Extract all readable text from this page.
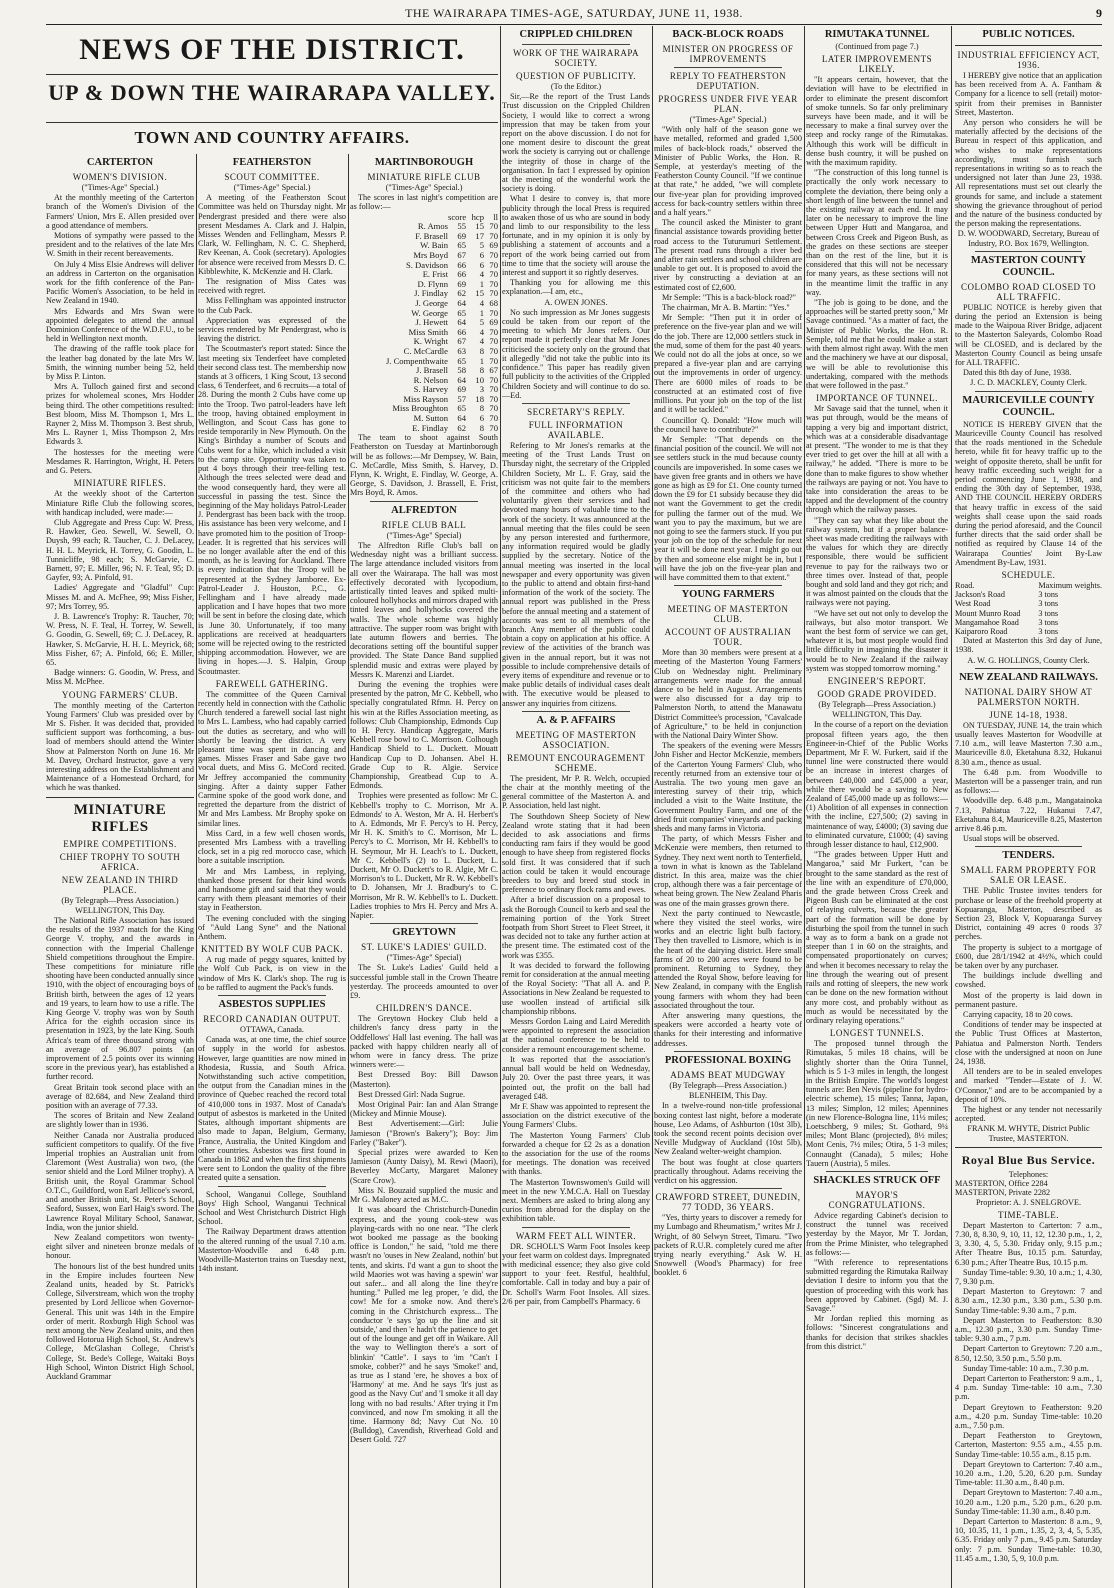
THE WAIRARAPA TIMES-AGE, SATURDAY, JUNE 11, 1938.	9
NEWS OF THE DISTRICT.
UP & DOWN THE WAIRARAPA VALLEY.
TOWN AND COUNTRY AFFAIRS.
CARTERTON
WOMEN'S DIVISION.

("Times-Age" Special.)

At the monthly meeting of the Carterton branch of the Women's Division of the Farmers' Union, Mrs E. Allen presided over a good attendance of members.

Motions of sympathy were passed to the president and to the relatives of the late Mrs W. Smith in their recent bereavements.

On July 4 Miss Elsie Andrews will deliver an address in Carterton on the organisation work for the fifth conference of the Pan-Pacific Women's Association, to be held in New Zealand in 1940.

Mrs Edwards and Mrs Swan were appointed delegates to attend the annual Dominion Conference of the W.D.F.U., to be held in Wellington next month.

The drawing of the raffle took place for the leather bag donated by the late Mrs W. Smith, the winning number being 52, held by Miss P. Linton.

Mrs A. Tulloch gained first and second prizes for wholemeal scones, Mrs Hodder being third. The other competitions resulted: Best bloom, Miss M. Thompson 1, Mrs L. Rayner 2, Miss M. Thompson 3. Best shrub, Mrs L. Rayner 1, Miss Thompson 2, Mrs Edwards 3.

The hostesses for the meeting were Mesdames R. Harrington, Wright, H. Peters and G. Peters.

MINIATURE RIFLES.

At the weekly shoot of the Carterton Miniature Rifle Club the following scores, with handicap included, were made:—

Club Aggregate and Press Cup: W. Press, R. Hawker, Geo. Sewell, W. Sewell, O. Duysh, 99 each; R. Taucher, C. J. DeLacey, H. H. L. Meyrick, H. Torrey, G. Goodin, L. Tunnicliffe, 98 each; S. McGarvie, C. Barnett, 97; E. Miller, 96; N. F. Teal, 95; D. Gayfer, 93; A. Pinfold, 91.

Ladies' Aggregate and "Gladful" Cup: Misses M. and A. McFhee, 99; Miss Fisher, 97; Mrs Torrey, 95.

J. B. Lawrence's Trophy: R. Taucher, 70; W. Press, N. F. Teal, H. Torrey, W. Sewell, G. Goodin, G. Sewell, 69; C. J. DeLacey, R. Hawker, S. McGarvie, H. H. L. Meyrick, 68; Miss Fisher, 67; A. Pinfold, 66; E. Miller, 65.

Badge winners: G. Goodin, W. Press, and Miss M. McPhee.

YOUNG FARMERS' CLUB.

The monthly meeting of the Carterton Young Farmers' Club was presided over by Mr S. Fisher. It was decided that, provided sufficient support was forthcoming, a bus-load of members should attend the Winter Show at Palmerston North on June 16. Mr M. Davey, Orchard Instructor, gave a very interesting address on the Establishment and Maintenance of a Homestead Orchard, for which he was thanked.

MINIATURE RIFLES
EMPIRE COMPETITIONS.
CHIEF TROPHY TO SOUTH AFRICA.
NEW ZEALAND IN THIRD PLACE.

(By Telegraph—Press Association.)

WELLINGTON, This Day.

The National Rifle Association has issued the results of the 1937 match for the King George V. trophy, and the awards in connection with the Imperial Challenge Shield competitions throughout the Empire. These competitions for miniature rifle shooting have been conducted annually since 1910, with the object of encouraging boys of British birth, between the ages of 12 years and 19 years, to learn how to use a rifle. The King George V. trophy was won by South Africa for the eighth occasion since its presentation in 1923, by the late King. South Africa's team of three thousand strong with an average of 96.807 points (an improvement of 2.5 points over its winning score in the previous year), has established a further record.

Great Britain took second place with an average of 82.684, and New Zealand third position with an average of 77.33.

The scores of Britain and New Zealand are slightly lower than in 1936.

Neither Canada nor Australia produced sufficient competitors to qualify. Of the five Imperial trophies an Australian unit from Claremont (West Australia) won two, (the senior shield and the Lord Milner trophy). A British unit, the Royal Grammar School O.T.C., Guildford, won Earl Jellicoe's sword, and another British unit, St. Peter's School, Seaford, Sussex, won Earl Haig's sword. The Lawrence Royal Military School, Sanawar, India, won the junior shield.

New Zealand competitors won twenty-eight silver and nineteen bronze medals of honour.

The honours list of the best hundred units in the Empire includes fourteen New Zealand units, headed by St. Patrick's College, Silverstream, which won the trophy presented by Lord Jellicoe when Governor-General. This unit was 14th in the Empire order of merit. Roxburgh High School was next among the New Zealand units, and then followed Hotorua High School, St. Andrew's College, McGlashan College, Christ's College, St. Bede's College, Waitaki Boys High School, Winton District High School, Auckland Grammar

FEATHERSTON
SCOUT COMMITTEE.

("Times-Age" Special.)

A meeting of the Featherston Scout Committee was held on Thursday night. Mr Pendergrast presided and there were also present Mesdames A. Clark and J. Halpin, Misses Wenden and Fellingham, Messrs P. Clark, W. Fellingham, N. C. C. Shepherd, Rev Keenan, A. Cook (secretary). Apologies for absence were received from Messrs D. C. Kibblewhite, K. McKenzie and H. Clark.

The resignation of Miss Cates was received with regret.

Miss Fellingham was appointed instructor to the Cub Pack.

Appreciation was expressed of the services rendered by Mr Pendergrast, who is leaving the district.

The Scoutmaster's report stated: Since the last meeting six Tenderfeet have completed their second class test. The membership now stands at 3 officers, 1 King Scout, 13 second class, 6 Tenderfeet, and 6 recruits—a total of 28. During the month 2 Cubs have come up into the Troop. Two patrol-leaders have left the troop, having obtained employment in Wellington, and Scout Cass has gone to reside temporarily in New Plymouth. On the King's Birthday a number of Scouts and Cubs went for a hike, which included a visit to the camp site. Opportunity was taken to put 4 boys through their tree-felling test. Although the trees selected were dead and the wood consequently hard, they were all successful in passing the test. Since the beginning of the May holidays Patrol-Leader J. Pendergrast has been back with the troop. His assistance has been very welcome, and I have promoted him to the position of Troop-Leader. It is regretted that his services will be no longer available after the end of this month, as he is leaving for Auckland. There is every indication that the Troop will be represented at the Sydney Jamboree. Ex-Patrol-Leader J. Houston, P.C., G. Fellingham and I have already made application and I have hopes that two more will be sent in before the closing date, which is June 30. Unfortunately, if too many applications are received at headquarters some will be rejected owing to the restricted shipping accommodation. However, we are living in hopes.—J. S. Halpin, Group Scoutmaster.

FAREWELL GATHERING.

The committee of the Queen Carnival recently held in connection with the Catholic Church tendered a farewell social last night to Mrs L. Lambess, who had capably carried out the duties as secretary, and who will shortly be leaving the district. A very pleasant time was spent in dancing and games. Misses Fraser and Sabe gave two vocal duets, and Miss G. McCord recited. Mr Jeffrey accompanied the community singing. After a dainty supper Father Carmine spoke of the good work done, and regretted the departure from the district of Mr and Mrs Lambess. Mr Brophy spoke on similar lines.

Miss Card, in a few well chosen words, presented Mrs Lambess with a travelling clock, set in a pig red morocco case, which bore a suitable inscription.

Mr and Mrs Lambess, in replying, thanked those present for their kind words and handsome gift and said that they would carry with them pleasant memories of their stay in Featherston.

The evening concluded with the singing of "Auld Lang Syne" and the National Anthem.

KNITTED BY WOLF CUB PACK.

A rug made of peggy squares, knitted by the Wolf Cub Pack, is on view in the window of Mrs K. Clark's shop. The rug is to be raffled to augment the Pack's funds.

ASBESTOS SUPPLIES
RECORD CANADIAN OUTPUT.

OTTAWA, Canada.

Canada was, at one time, the chief source of supply in the world for asbestos. However, large quantities are now mined in Rhodesia, Russia, and South Africa. Notwithstanding such active competition, the output from the Canadian mines in the province of Quebec reached the record total of 410,000 tons in 1937. Most of Canada's output of asbestos is marketed in the United States, although important shipments are also made to Japan, Belgium, Germany, France, Australia, the United Kingdom and other countries. Asbestos was first found in Canada in 1862 and when the first shipments were sent to London the quality of the fibre created quite a sensation.

School, Wanganui College, Southland Boys' High School, Wanganui Technical School and West Christchurch District High School.

The Railway Department draws attention to the altered running of the usual 7.10 a.m. Masterton-Woodville and 6.48 p.m. Woodville-Masterton trains on Tuesday next, 14th instant.

MARTINBOROUGH
MINIATURE RIFLE CLUB

("Times-Age" Special.)

The scores in last night's competition are as follow:—

score hcp	ll
R. Amos	55	15 70
F. Brasell	69	17 70
W. Bain	65	5 69
Mrs Boyd	67	6 70
S. Davidson	66	6 70
E. Frist	66	4 70
D. Flynn	69	1 70
J. Findlay	62	15 70
J. George	64	4 68
W. George	65	1 70
J. Hewett	64	5 69
Miss Smith	66	4 70
K. Wright	67	4 70
C. McCardle	63	8 70
J. Compenthwaite	65	1 70
J. Brasell	58	8 67
R. Nelson	64	10 70
S. Harvey	69	3 70
Miss Rayson	57	18 70
Miss Broughton	65	8 70
M. Sutton	64	6 70
E. Findlay	62	8 70

The team to shoot against South Featherston on Tuesday at Martinborough will be as follows:—Mr Dempsey, W. Bain, C. McCardle, Miss Smith, S. Harvey, D. Flynn, K. Wright, E. Findlay, W. George, A. George, S. Davidson, J. Brassell, E. Frist, Mrs Boyd, R. Amos.

ALFREDTON
RIFLE CLUB BALL

("Times-Age" Special)

The Alfredton Rifle Club's ball on Wednesday night was a brilliant success. The large attendance included visitors from all over the Wairarapa. The hall was most effectively decorated with lycopodium, artistically tinted leaves and spiked multi-coloured hollyhocks and mirrors draped with tinted leaves and hollyhocks covered the walls. The whole scheme was highly attractive. The supper room was bright with late autumn flowers and berries. The decorations setting off the bountiful supper provided. The State Dance Band supplied splendid music and extras were played by Messrs K. Marenzi and Liardet.

During the evening the trophies were presented by the patron, Mr C. Kebbell, who specially congratulated Rfmn. H. Percy on his win at the Rifles Association meeting, as follows: Club Championship, Edmonds Cup to H. Percy. Handicap Aggregate, Maris Kebbell rose bowl to C. Morrison. Colhough Handicap Shield to L. Duckett. Mouatt Handicap Cup to D. Johansen. Abel H. Grade Cup to R. Algie. Service Championship, Greatbead Cup to A. Edmonds.

Trophies were presented as follow: Mr C. Kebbell's trophy to C. Morrison, Mr A. Edmonds' to A. Weston, Mr A. H. Herbert's to A. Edmonds, Mr F. Percy's to H. Percy, Mr H. K. Smith's to C. Morrison, Mr L. Percy's to C. Morrison, Mr H. Kebbell's to H. Seymour, Mr H. Leach's to L. Duckett, Mr C. Kebbell's (2) to L. Duckett, L. Duckett, Mr O. Duckett's to R. Algie, Mr C. Morrison's to L. Duckett, Mr R. W. Kebbell's to D. Johansen, Mr J. Bradbury's to C. Morrison, Mr R. W. Kebbell's to L. Duckett. Ladies trophies to Mrs H. Percy and Mrs A. Napier.

GREYTOWN
ST. LUKE'S LADIES' GUILD.

("Times-Age" Special)

The St. Luke's Ladies' Guild held a successful jumble stall in the Crown Theatre yesterday. The proceeds amounted to over £9.

CHILDREN'S DANCE.

The Greytown Hockey Club held a children's fancy dress party in the Oddfellows' Hall last evening. The hall was packed with happy children nearly all of whom were in fancy dress. The prize winners were:—

Best Dressed Boy: Bill Dawson (Masterton).

Best Dressed Girl: Nada Sugrue.

Most Original Pair: Ian and Alan Strange (Mickey and Minnie Mouse).

Best Advertisement:—Girl: Julie Jamieson ("Brown's Bakery"); Boy: Jim Farley ("Baker").

Special prizes were awarded to Ken Jamieson (Aunty Daisy), M. Rewi (Maori), Beverley McCarty, Margaret Maloney (Scare Crow).

Miss N. Bouzaid supplied the music and Mr G. Maloney acted as M.C.

It was aboard the Christchurch-Dunedin express, and the young cook-stew was playing-cards with no one near. "The clerk wot booked me passage as the booking office is London," he said, "told me there wasn't no 'ouses in New Zealand, nothin' but tents, and skirts. I'd want a gun to shoot the wild Maories wot was having a spewin' war out safer... and all along the line they're hunting." Pulled me leg proper, 'e did, the cow! Me for a smoke now. And there's coming in the Christchurch express... The conductor 'e says 'go up the line and sit outside,' and then 'e hadn't the patience to get out of the lounge and get off in Waikare. All the way to Wellington there's a sort of blinkin' "Cattle". I says to 'im "Can't I smoke, cobber?" and he says 'Smoke!' and, as true as I stand 'ere, he shoves a box of 'Harmony' at me. And he says 'It's just as good as the Navy Cut' and 'I smoke it all day long with no bad results.' After trying it I'm convinced, and now I'm smoking it all the time. Harmony 8d; Navy Cut No. 10 (Bulldog), Cavendish, Riverhead Gold and Desert Gold. 727

CRIPPLED CHILDREN
WORK OF THE WAIRARAPA SOCIETY.
QUESTION OF PUBLICITY.

(To the Editor.)

Sir,—Re the report of the Trust Lands Trust discussion on the Crippled Children Society, I would like to correct a wrong impression that may be taken from your report on the above discussion. I do not for one moment desire to discount the great work the society is carrying out or challenge the integrity of those in charge of the organisation. In fact I expressed by opinion at the meeting of the wonderful work the society is doing.

What I desire to convey is, that more publicity through the local Press is required to awaken those of us who are sound in body and limb to our responsibility to the less fortunate, and in my opinion it is only by publishing a statement of accounts and a report of the work being carried out from time to time that the society will arouse the interest and support it so rightly deserves.

Thanking you for allowing me this explanation.—I am, etc.,

A. OWEN JONES.

No such impression as Mr Jones suggests could be taken from our report of the meeting to which Mr Jones refers. Our report made it perfectly clear that Mr Jones criticised the society only on the ground that it allegedly "did not take the public into its confidence." This paper has readily given full publicity to the activities of the Crippled Children Society and will continue to do so.—Ed.

SECRETARY'S REPLY.
FULL INFORMATION AVAILABLE.

Refering to Mr Jones's remarks at the meeting of the Trust Lands Trust on Thursday night, the secretary of the Crippled Children Society, Mr L. F. Gray, said the criticism was not quite fair to the members of the committee and others who had voluntarily given their services and had devoted many hours of valuable time to the work of the society. It was announced at the annual meeting that the files could be seen by any person interested and furthermore, any information required would be gladly supplied by the secretary. Notice of the annual meeting was inserted in the local newspaper and every opportunity was given to the public to attend and obtain first-hand information of the work of the society. The annual report was published in the Press before the annual meeting and a statement of accounts was sent to all members of the branch. Any member of the public could obtain a copy on application at his office. A review of the activities of the branch was given in the annual report, but it was not possible to include comprehensive details of every items of expenditure and revenue or to make public details of individual cases dealt with. The executive would be pleased to answer any inquiries from citizens.

A. & P. AFFAIRS
MEETING OF MASTERTON ASSOCIATION.
REMOUNT ENCOURAGEMENT SCHEME.

The president, Mr P. R. Welch, occupied the chair at the monthly meeting of the general committee of the Masterton A. and P. Association, held last night.

The Southdown Sheep Society of New Zealand wrote stating that it had been decided to ask associations and firms conducting ram fairs if they would be good enough to have sheep from registered flocks sold first. It was considered that if such action could be taken it would encourage breeders to buy and breed stud stock in preference to ordinary flock rams and ewes.

After a brief discussion on a proposal to ask the Borough Council to kerb and seal the remaining portion of the York Street footpath from Short Street to Fleet Street, it was decided not to take any further action at the present time. The estimated cost of the work was £355.

It was decided to forward the following remit for consideration at the annual meeting of the Royal Society: "That all A. and P. Associations in New Zealand be requested to use woollen instead of artificial silk championship ribbons.

Messrs Gordon Laing and Laird Meredith were appointed to represent the association at the national conference to be held to consider a remount encouragement scheme.

It was reported that the association's annual ball would be held on Wednesday, July 20. Over the past three years, it was pointed out, the profit on the ball had averaged £48.

Mr F. Shaw was appointed to represent the association on the district executive of the Young Farmers' Clubs.

The Masterton Young Farmers' Club forwarded a cheque for £2 2s as a donation to the association for the use of the rooms for meetings. The donation was received with thanks.

The Masterton Townswomen's Guild will meet in the new Y.M.C.A. Hall on Tuesday next. Members are asked to bring along any curios from abroad for the display on the exhibition table.

WARM FEET ALL WINTER.

DR. SCHOLL'S Warm Foot Insoles keep your feet warm on coldest days. Impregnated with medicinal essence; they also give cold support to your feet. Restful, healthful, comfortable. Call in today and buy a pair of Dr. Scholl's Warm Foot Insoles. All sizes. 2/6 per pair, from Campbell's Pharmacy. 6

BACK-BLOCK ROADS
MINISTER ON PROGRESS OF IMPROVEMENTS
REPLY TO FEATHERSTON DEPUTATION.
PROGRESS UNDER FIVE YEAR PLAN.

("Times-Age" Special.)

"With only half of the season gone we have metalled, reformed and graded 1,500 miles of back-block roads," observed the Minister of Public Works, the Hon. R. Semple, at yesterday's meeting of the Featherston County Council. "If we continue at that rate," he added, "we will complete our five-year plan for providing improved access for back-country settlers within three and a half years."

The council asked the Minister to grant financial assistance towards providing better road access to the Tuturumuri Settlement. The present road runs through a river bed and after rain settlers and school children are unable to get out. It is proposed to avoid the river by constructing a deviation at an estimated cost of £2,600.

Mr Semple: "This is a back-block road?"

The chairman, Mr A. B. Martin: "Yes."

Mr Semple: "Then put it in order of preference on the five-year plan and we will do the job. There are 12,000 settlers stuck in the mud, some of them for the past 40 years. We could not do all the jobs at once, so we prepared a five-year plan and are carrying out the improvements in order of urgency. There are 6000 miles of roads to be constructed at an estimated cost of five millions. Put your job on the top of the list and it will be tackled."

Councillor Q. Donald: "How much will the council have to contribute?"

Mr Semple: "That depends on the financial position of the council. We will not see settlers stuck in the mud because county councils are impoverished. In some cases we have given free grants and in others we have gone as high as £9 for £1. One county turned down the £9 for £1 subsidy because they did not want the Government to get the credit for pulling the farmer out of the mud. We want you to pay the maximum, but we are not going to see the farmers stuck. If you put your job on the top of the schedule for next year it will be done next year. I might go out by then and someone else might be in, but I will have the job on the five-year plan and will have committed them to that extent."

YOUNG FARMERS
MEETING OF MASTERTON CLUB.
ACCOUNT OF AUSTRALIAN TOUR.

More than 30 members were present at a meeting of the Masterton Young Farmers' Club on Wednesday night. Preliminary arrangements were made for the annual dance to be held in August. Arrangements were also discussed for a day trip to Palmerston North, to attend the Manawatu District Committee's procession, "Cavalcade of Agriculture," to be held in conjunction with the National Dairy Winter Show.

The speakers of the evening were Messrs John Fisher and Hector McKenzie, members of the Carterton Young Farmers' Club, who recently returned from an extensive tour of Australia. The two young men gave an interesting survey of their trip, which included a visit to the Waite Institute, the Government Poultry Farm, and one of the dried fruit companies' vineyards and packing sheds and many farms in Victoria.

The party, of which Messrs Fisher and McKenzie were members, then returned to Sydney. They next went north to Tenterfield, a town in what is known as the Tableland district. In this area, maize was the chief crop, although there was a fair percentage of wheat being grown. The New Zealand Pharis was one of the main grasses grown there.

Next the party continued to Newcastle, where they visited the steel works, wire works and an electric light bulb factory. They then travelled to Lismore, which is in the heart of the dairying district. Here small farms of 20 to 200 acres were found to be prominent. Returning to Sydney, they attended the Royal Show, before leaving for New Zealand, in company with the English young farmers with whom they had been associated throughout the tour.

After answering many questions, the speakers were accorded a hearty vote of thanks for their interesting and informative addresses.

PROFESSIONAL BOXING
ADAMS BEAT MUDGWAY

(By Telegraph—Press Association.)

BLENHEIM, This Day.

In a twelve-round non-title professional boxing contest last night, before a moderate house, Leo Adams, of Ashburton (10st 3lb), took the second recent points decision over Neville Mudgway of Auckland (10st 5lb), New Zealand welter-weight champion.

The bout was fought at close quarters practically throughout. Adams receiving the verdict on his aggression.

CRAWFORD STREET, DUNEDIN, 77 TODD, 36 YEARS.

"Yes, thirty years to discover a remedy for my Lumbago and Rheumatism," writes Mr J. Wright, of 80 Selwyn Street, Timaru. "Two packets of R.U.R. completely cured me after trying nearly everything." Ask W. H. Snowwell (Wood's Pharmacy) for free booklet. 6

RIMUTAKA TUNNEL

(Continued from page 7.)

LATER IMPROVEMENTS LIKELY.

"It appears certain, however, that the deviation will have to be electrified in order to eliminate the present discomfort of smoke tunnels. So far only preliminary surveys have been made, and it will be necessary to make a final survey over the steep and rocky range of the Rimutakas. Although this work will be difficult in dense bush country, it will be pushed on with the maximum rapidity.

"The construction of this long tunnel is practically the only work necessary to complete the deviation, there being only a short length of line between the tunnel and the existing railway at each end. It may later on be necessary to improve the line between Upper Hutt and Mangaroa, and between Cross Creek and Pigeon Bush, as the grades on these sections are steeper than on the rest of the line, but it is considered that this will not be necessary for many years, as these sections will not in the meantime limit the traffic in any way.

"The job is going to be done, and the approaches will be started pretty soon," Mr Savage continued. "As a matter of fact, the Minister of Public Works, the Hon. R. Semple, told me that he could make a start with them almost right away. With the men and the machinery we have at our disposal, we will be able to revolutionise this undertaking, compared with the methods that were followed in the past."

IMPORTANCE OF TUNNEL.

Mr Savage said that the tunnel, when it was put through, would be the means of tapping a very big and important district, which was at a considerable disadvantage at present. "The wonder to me is that they ever tried to get over the hill at all with a railway," he added. "There is more to be done than to make figures to show whether the railways are paying or not. You have to take into consideration the areas to be tapped and the development of the country through which the railway passes.

"They can say what they like about the railway system, but if a proper balance-sheet was made crediting the railways with the values for which they are directly responsible, there would be sufficient revenue to pay for the railways two or three times over. Instead of that, people bought and sold land and they got rich; and it was almost painted on the clouds that the railways were not paying.

"We have set out not only to develop the railways, but also motor transport. We want the best form of service we can get, whatever it is, but most people would find little difficulty in imagining the disaster it would be to New Zealand if the railway system was stopped tomorrow morning."

ENGINEER'S REPORT.
GOOD GRADE PROVIDED.

(By Telegraph—Press Association.)

WELLINGTON, This Day.

In the course of a report on the deviation proposal fifteen years ago, the then Engineer-in-Chief of the Public Works Department, Mr F. W. Furkert, said if the tunnel line were constructed there would be an increase in interest charges of between £40,000 and £45,000 a year, while there would be a saving to New Zealand of £45,000 made up as follows:—(1) Abolition of all expenses in connection with the incline, £27,500; (2) saving in maintenance of way, £4000; (3) saving due to eliminated curvature, £1000; (4) saving through lesser distance to haul, £12,900.

"The grades between Upper Hutt and Mangaroa," said Mr Furkert, "can be brought to the same standard as the rest of the line with an expenditure of £70,000, and the grade between Cross Creek and Pigeon Bush can be eliminated at the cost of relaying culverts, because the greater part of the formation will be done by disturbing the spoil from the tunnel in such a way as to form a bank on a grade not steeper than 1 in 60 on the straights, and compensated proportionately on curves; and when it becomes necessary to relay the line through the wearing out of present rails and rotting of sleepers, the new work can be done on the new formation without any more cost, and probably without as much as would be necessitated by the ordinary relaying operations."

LONGEST TUNNELS.

The proposed tunnel through the Rimutakas, 5 miles 18 chains, will be slightly shorter than the Otira Tunnel, which is 5 1-3 miles in length, the longest in the British Empire. The world's longest tunnels are: Ben Nevis (pipeline for hydro-electric scheme), 15 miles; Tanna, Japan, 13 miles; Simplon, 12 miles; Apennines (in new Florence-Bologna line, 11½ miles; Loetschberg, 9 miles; St. Gothard, 9¼ miles; Mont Blanc (projected), 8½ miles; Mont Cenis, 7½ miles; Otira, 5 1-3 miles; Connaught (Canada), 5 miles; Hohe Tauern (Austria), 5 miles.

SHACKLES STRUCK OFF
MAYOR'S CONGRATULATIONS.

Advice regarding Cabinet's decision to construct the tunnel was received yesterday by the Mayor, Mr T. Jordan, from the Prime Minister, who telegraphed as follows:—

"With reference to representations submitted regarding the Rimutaka Railway deviation I desire to inform you that the question of proceeding with this work has been approved by Cabinet. (Sgd) M. J. Savage."

Mr Jordan replied this morning as follows: "Sincerest congratulations and thanks for decision that strikes shackles from this district."

PUBLIC NOTICES.
INDUSTRIAL EFFICIENCY ACT, 1936.

I HEREBY give notice that an application has been received from A. A. Fantham & Company for a licence to sell (retail) motor-spirit from their premises in Bannister Street, Masterton.

Any person who considers he will be materially affected by the decisions of the Bureau in respect of this application, and who wishes to make representations accordingly, must furnish such representations in writing so as to reach the undersigned not later than June 23, 1938. All representations must set out clearly the grounds for same, and include a statement showing the grievance throughout of period and the nature of the business conducted by the person making the representations.

D. W. WOODWARD, Secretary, Bureau of Industry, P.O. Box 1679, Wellington.

MASTERTON COUNTY COUNCIL.
COLOMBO ROAD CLOSED TO ALL TRAFFIC.

PUBLIC NOTICE is hereby given that during the period an Extension is being made to the Waipoua River Bridge, adjacent to the Masterton Saleyards, Colombo Road will be CLOSED, and is declared by the Masterton County Council as being unsafe for ALL TRAFFIC.

Dated this 8th day of June, 1938.

J. C. D. MACKLEY, County Clerk.

MAURICEVILLE COUNTY COUNCIL.

NOTICE IS HEREBY GIVEN that the Mauriceville County Council has resolved that the roads mentioned in the Schedule hereto, while fit for heavy traffic up to the weight of opposite thereto, shall be unfit for heavy traffic exceeding such weight for a period commencing June 1, 1938, and ending the 30th day of September, 1938, AND THE COUNCIL HEREBY ORDERS that heavy traffic in excess of the said weights shall cease upon the said roads during the period aforesaid, and the Council further directs that the said order shall be notified as required by Clause 14 of the Wairarapa Counties' Joint By-Law Amendment By-Law, 1931.

SCHEDULE.
Road.	Maximum weights.
Jackson's Road	3 tons
West Road	3 tons
Mount Munro Road	3 tons
Mangamahoe Road	3 tons
Kaiparoro Road	3 tons

Dated at Masterton this 3rd day of June, 1938.

A. W. G. HOLLINGS, County Clerk.

NEW ZEALAND RAILWAYS.
NATIONAL DAIRY SHOW AT PALMERSTON NORTH.
JUNE 14-18, 1938.

ON TUESDAY, JUNE 14, the train which usually leaves Masterton for Woodville at 7.10 a.m., will leave Masterton 7.30 a.m., Mauriceville 8.0, Eketahuna 8.32, Hukanui 8.30 a.m., thence as usual.

The 6.48 p.m. from Woodville to Masterton will be a passenger train, and run as follows:—

Woodville dep. 6.48 p.m., Mangatainoka 7.13, Pahiatua 7.22, Hukanui 7.47, Eketahuna 8.4, Mauriceville 8.25, Masterton arrive 8.46 p.m.

Usual stops will be observed.

TENDERS.
SMALL FARM PROPERTY FOR SALE OR LEASE.

THE Public Trustee invites tenders for purchase or lease of the freehold property at Kopuaranga, Masterton, described as Section 23, Block V, Kopuaranga Survey District, containing 49 acres 0 roods 37 perches.

The property is subject to a mortgage of £600, due 28/1/1942 at 4½%, which could be taken over by any purchaser.

The buildings include dwelling and cowshed.

Most of the property is laid down in permanent pasture.

Carrying capacity, 18 to 20 cows.

Conditions of tender may be inspected at the Public Trust Offices at Masterton, Pahiatua and Palmerston North. Tenders close with the undersigned at noon on June 24, 1938.

All tenders are to be in sealed envelopes and marked "Tender—Estate of J. W. O'Connor," and are to be accompanied by a deposit of 10%.

The highest or any tender not necessarily accepted.

FRANK M. WHYTE, District Public Trustee, MASTERTON.

Royal Blue Bus Service.
Telephones:
MASTERTON, Office 2284
MASTERTON, Private 2282
Proprietor: A. J. SNELGROVE.
TIME-TABLE.

Depart Masterton to Carterton: 7 a.m., 7.30, 8, 8.30, 9, 10, 11, 12, 12.30 p.m., 1, 2, 3, 3.30, 4, 5, 5.30. Friday only, 9.15 p.m.; After Theatre Bus, 10.15 p.m. Saturday, 6.30 p.m.; After Theatre Bus, 10.15 p.m.

Sunday Time-table: 9.30, 10 a.m.; 1, 4.30, 7, 9.30 p.m.

Depart Masterton to Greytown: 7 and 8.30 a.m., 12.30 p.m., 3.30 p.m., 5.30 p.m. Sunday Time-table: 9.30 a.m., 7 p.m.

Depart Masterton to Featherston: 8.30 a.m., 12.30 p.m., 3.30 p.m. Sunday Time-table: 9.30 a.m., 7 p.m.

Depart Carterton to Greytown: 7.20 a.m., 8.50, 12.50, 3.50 p.m., 5.50 p.m.

Sunday Time-table: 10 a.m., 7.30 p.m.

Depart Carterton to Featherston: 9 a.m., 1, 4 p.m. Sunday Time-table: 10 a.m., 7.30 p.m.

Depart Greytown to Featherston: 9.20 a.m., 4.20 p.m. Sunday Time-table: 10.20 a.m., 7.50 p.m.

Depart Featherston to Greytown, Carterton, Masterton: 9.55 a.m., 4.55 p.m. Sunday Time-table: 10.55 a.m., 8.15 p.m.

Depart Greytown to Carterton: 7.40 a.m., 10.20 a.m., 1.20, 5.20, 6.20 p.m. Sunday Time-table: 11.30 a.m., 8.40 p.m.

Depart Greytown to Masterton: 7.40 a.m., 10.20 a.m., 1.20 p.m., 5.20 p.m., 6.20 p.m. Sunday Time-table: 11.30 a.m., 8.40 p.m.

Depart Carterton to Masterton: 8 a.m., 9, 10, 10.35, 11, 1 p.m., 1.35, 2, 3, 4, 5, 5.35, 6.35. Friday only 7 p.m., 9.45 p.m. Saturday only: 7 p.m. Sunday Time-table: 10.30, 11.45 a.m., 1.30, 5, 9, 10.0 p.m.
